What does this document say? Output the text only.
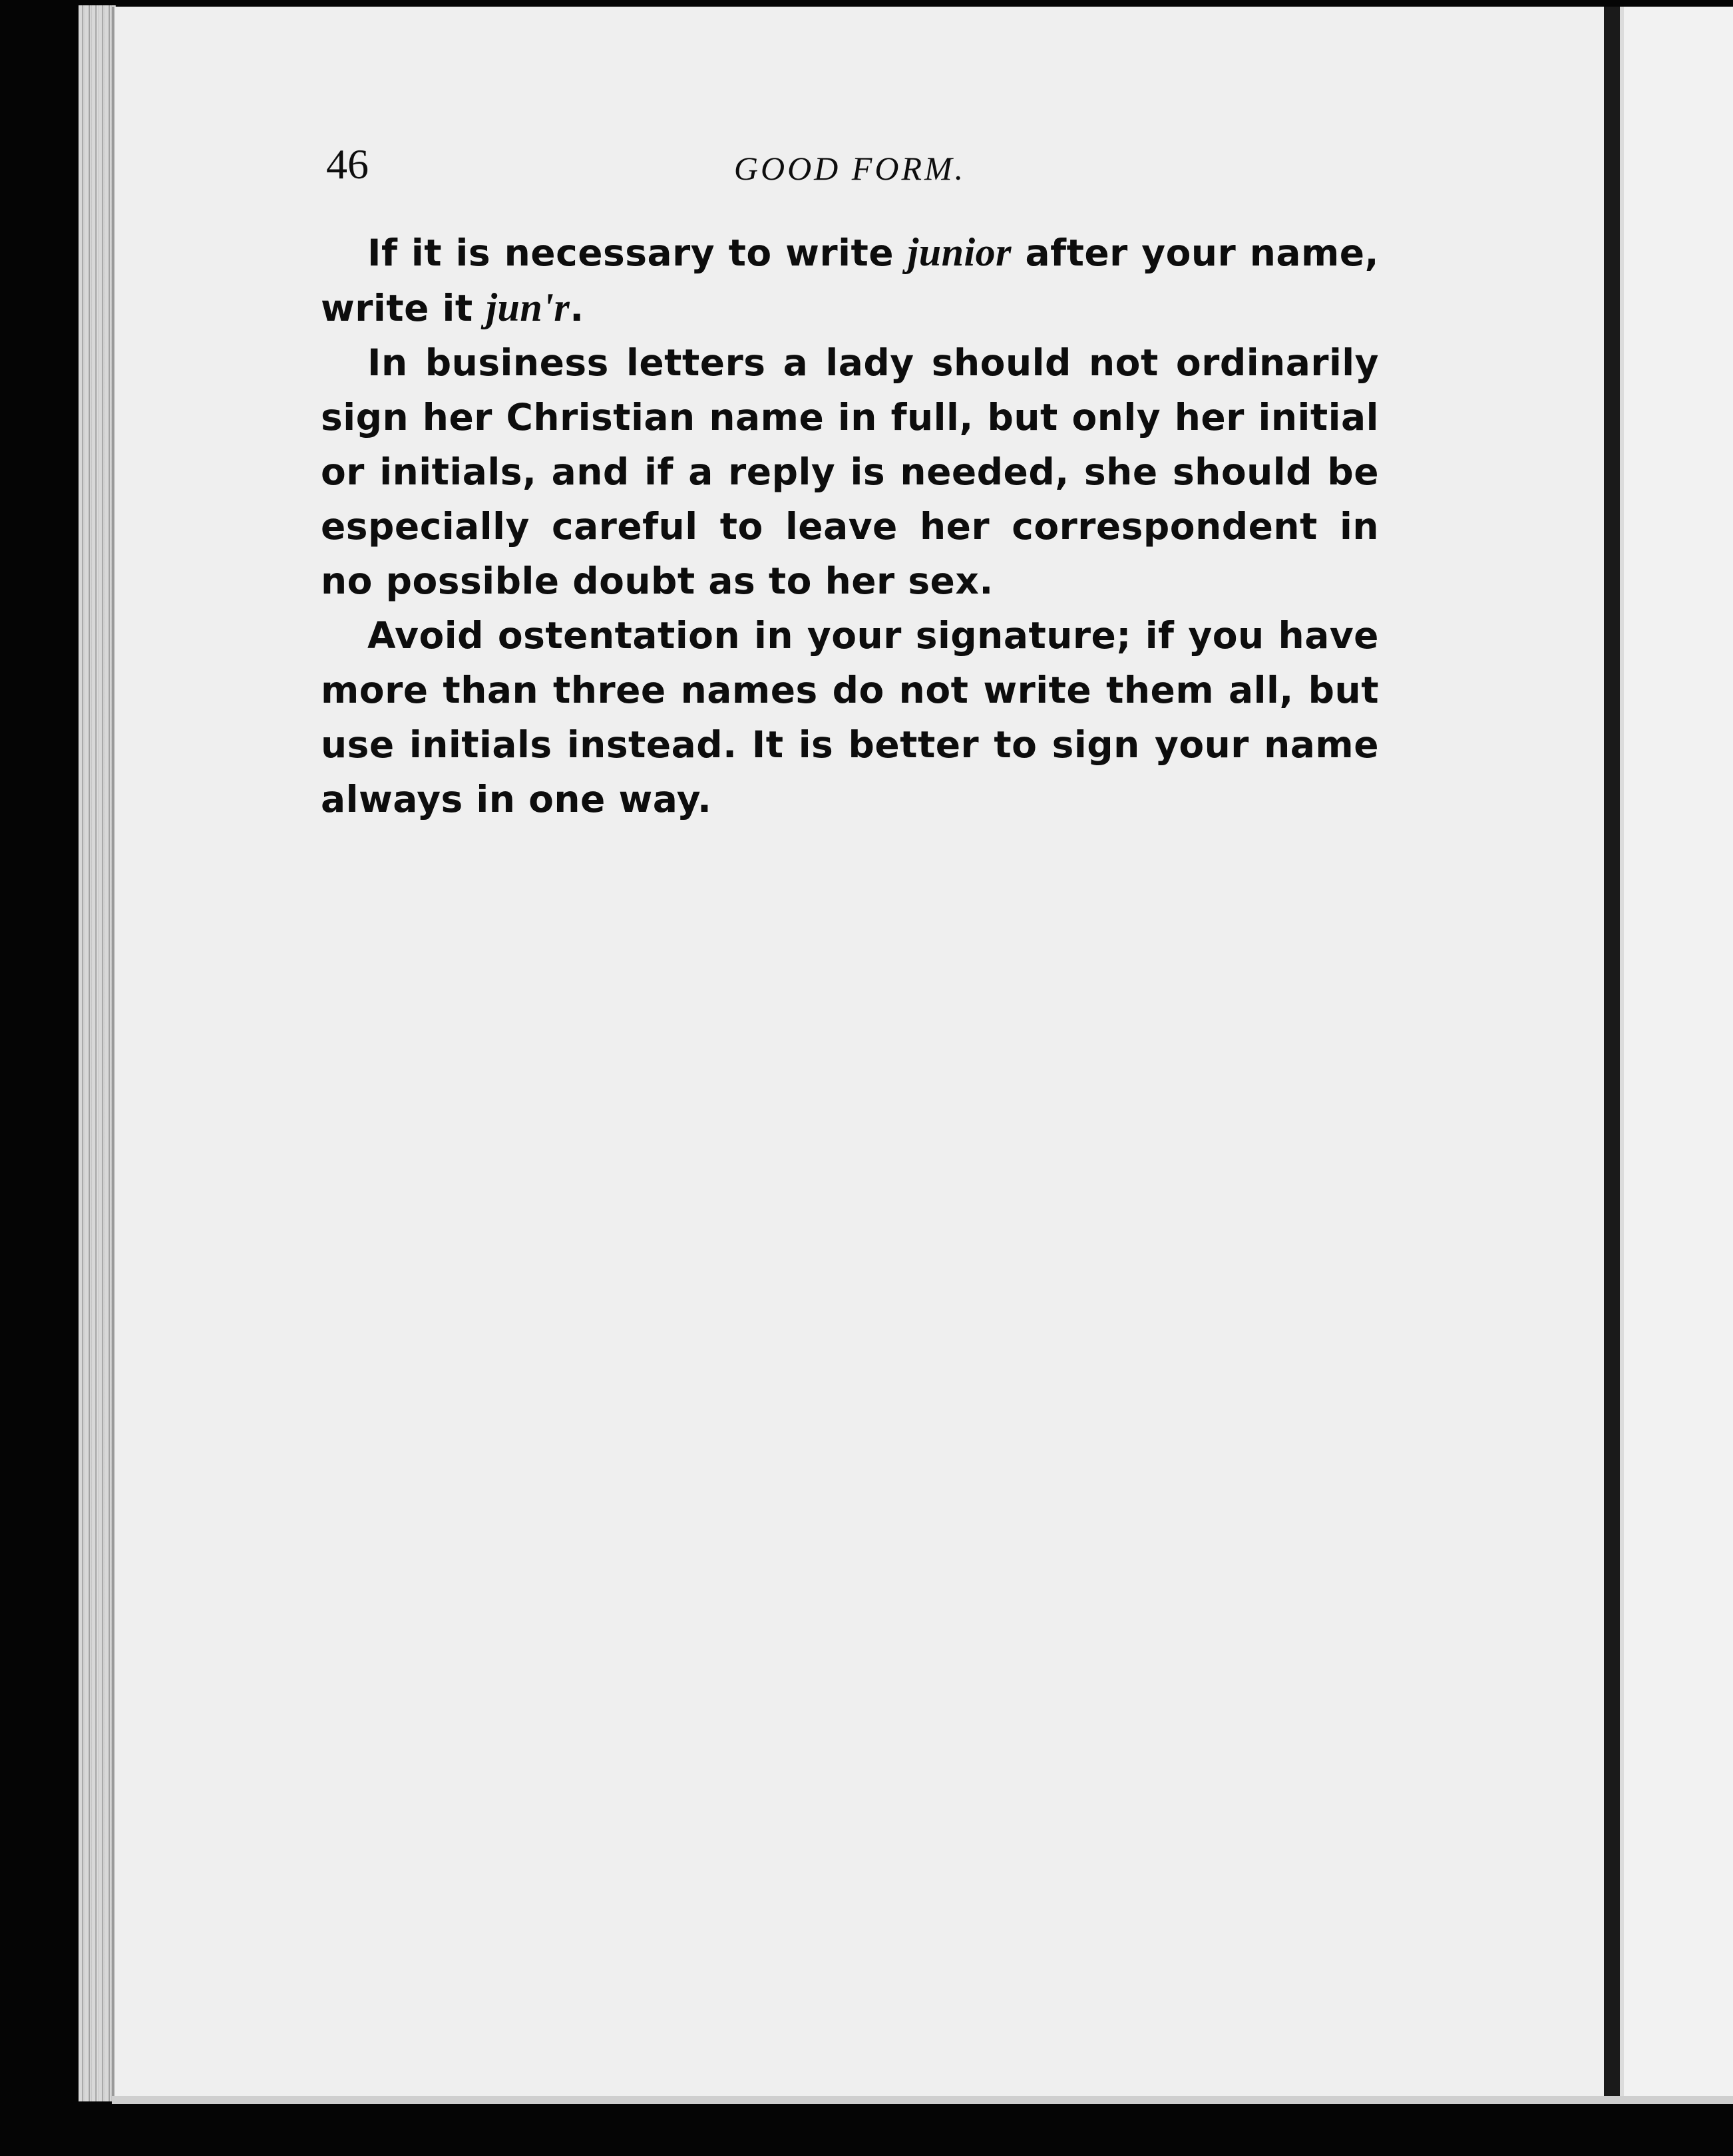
46	GOOD FORM.

If it is necessary to write junior after your name, write it jun'r.

In business letters a lady should not ordinarily sign her Christian name in full, but only her initial or initials, and if a reply is needed, she should be especially careful to leave her correspondent in no possible doubt as to her sex.

Avoid ostentation in your signature; if you have more than three names do not write them all, but use initials instead. It is better to sign your name always in one way.
